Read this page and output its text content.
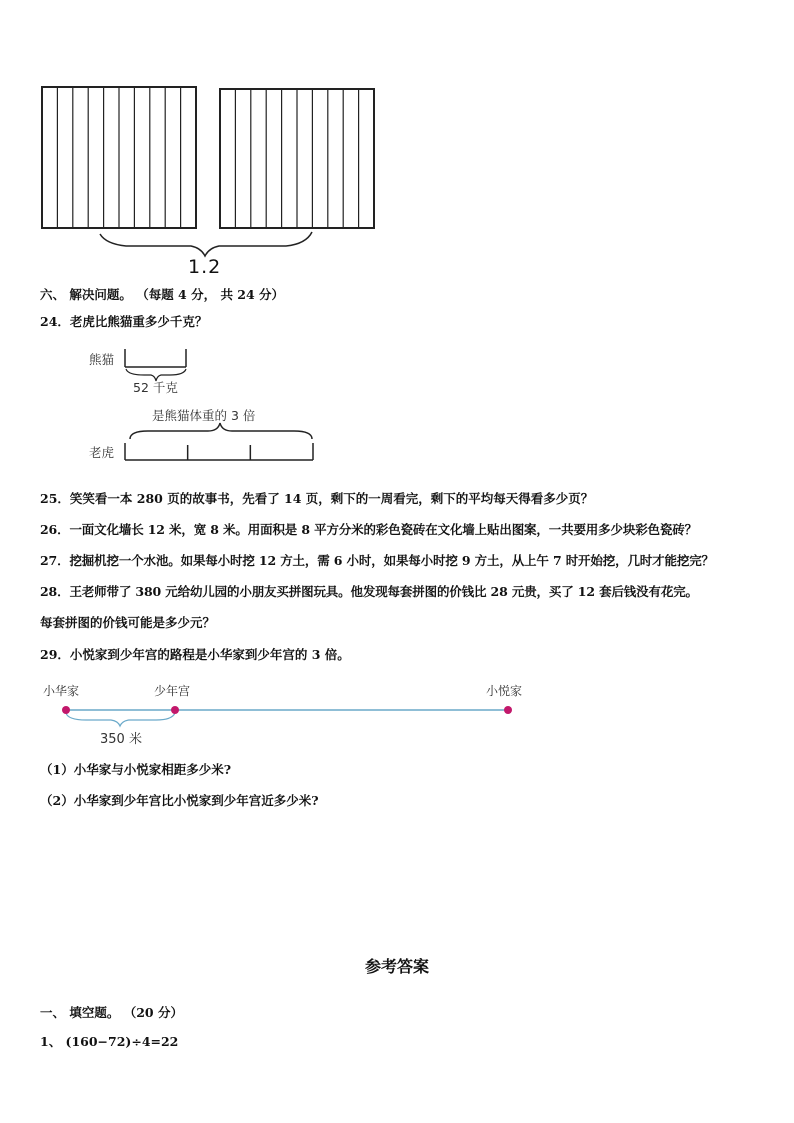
1.2
六、 解决问题。 （每题 4 分， 共 24 分）
24．老虎比熊猫重多少千克？
熊猫
52 千克
是熊猫体重的 3 倍
老虎
25．笑笑看一本 280 页的故事书，先看了 14 页，剩下的一周看完，剩下的平均每天得看多少页？
26．一面文化墙长 12 米，宽 8 米。用面积是 8 平方分米的彩色瓷砖在文化墙上贴出图案，一共要用多少块彩色瓷砖？
27．挖掘机挖一个水池。如果每小时挖 12 方土，需 6 小时，如果每小时挖 9 方土，从上午 7 时开始挖，几时才能挖完？
28．王老师带了 380 元给幼儿园的小朋友买拼图玩具。他发现每套拼图的价钱比 28 元贵，买了 12 套后钱没有花完。
每套拼图的价钱可能是多少元？
29．小悦家到少年宫的路程是小华家到少年宫的 3 倍。
小华家	少年宫	小悦家
350 米
（1）小华家与小悦家相距多少米?
（2）小华家到少年宫比小悦家到少年宫近多少米?
参考答案
一、 填空题。 （20 分）
1、 (160−72)÷4=22
